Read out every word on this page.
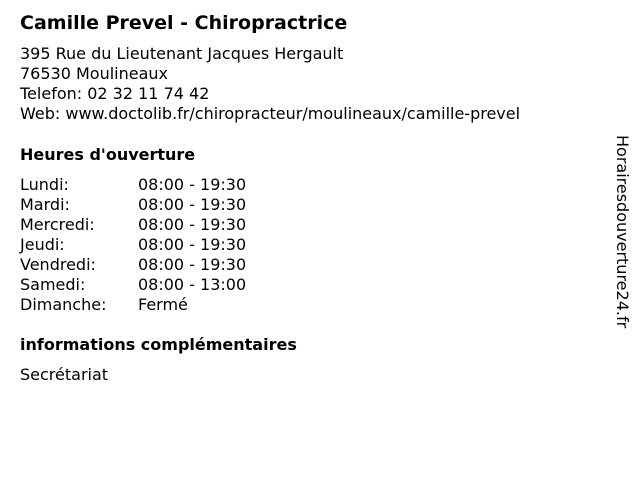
Camille Prevel - Chiropractrice
395 Rue du Lieutenant Jacques Hergault
76530 Moulineaux
Telefon: 02 32 11 74 42
Web: www.doctolib.fr/chiropracteur/moulineaux/camille-prevel
Heures d'ouverture
Lundi:	08:00 - 19:30
Mardi:	08:00 - 19:30
Mercredi:	08:00 - 19:30
Jeudi:	08:00 - 19:30
Vendredi:	08:00 - 19:30
Samedi:	08:00 - 13:00
Dimanche: Fermé
informations complémentaires
Secrétariat
Horairesdouverture24.fr
